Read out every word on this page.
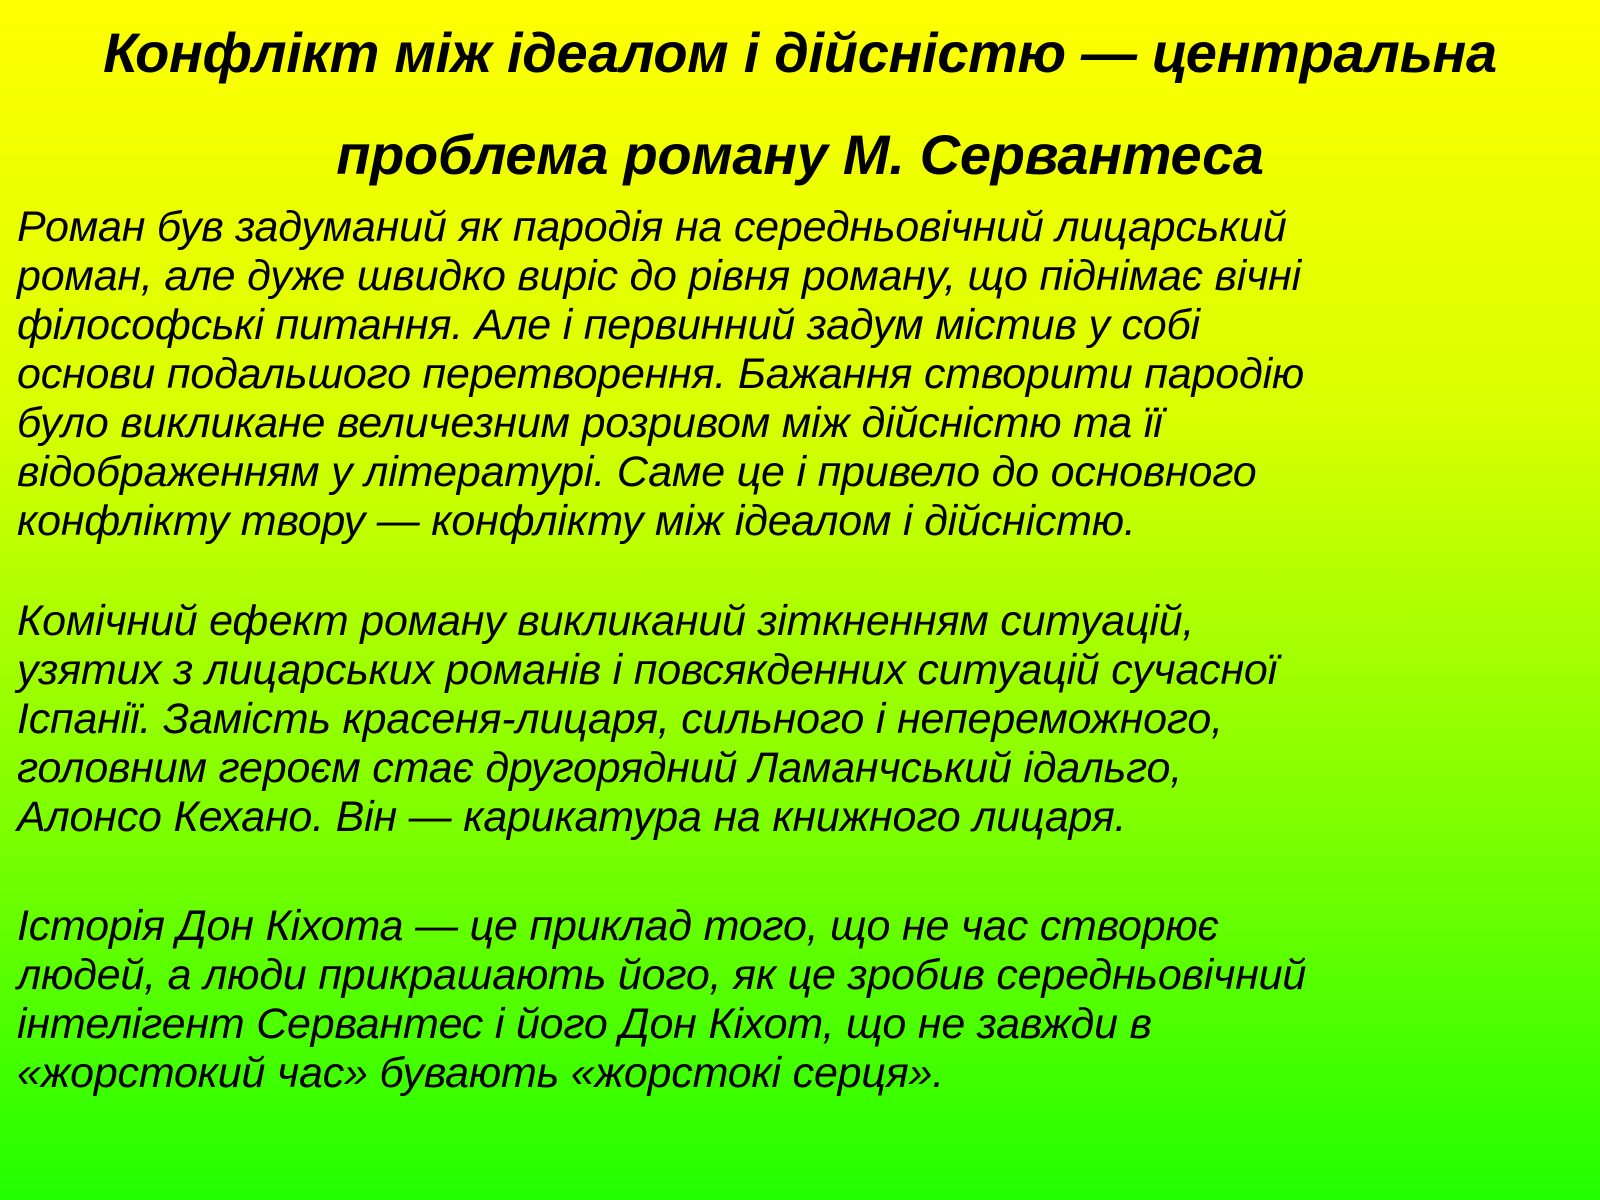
Конфлікт між ідеалом і дійсністю — центральна
проблема роману М. Сервантеса
Роман був задуманий як пародія на середньовічний лицарський
роман, але дуже швидко виріс до рівня роману, що піднімає вічні
філософські питання. Але і первинний задум містив у собі
основи подальшого перетворення. Бажання створити пародію
було викликане величезним розривом між дійсністю та її
відображенням у літературі. Саме це і привело до основного
конфлікту твору — конфлікту між ідеалом і дійсністю.
Комічний ефект роману викликаний зіткненням ситуацій,
узятих з лицарських романів і повсякденних ситуацій сучасної
Іспанії. Замість красеня-лицаря, сильного і непереможного,
головним героєм стає другорядний Ламанчський ідальго,
Алонсо Кехано. Він — карикатура на книжного лицаря.
Історія Дон Кіхота — це приклад того, що не час створює
людей, а люди прикрашають його, як це зробив середньовічний
інтелігент Сервантес і його Дон Кіхот, що не завжди в
«жорстокий час» бувають «жорстокі серця».
